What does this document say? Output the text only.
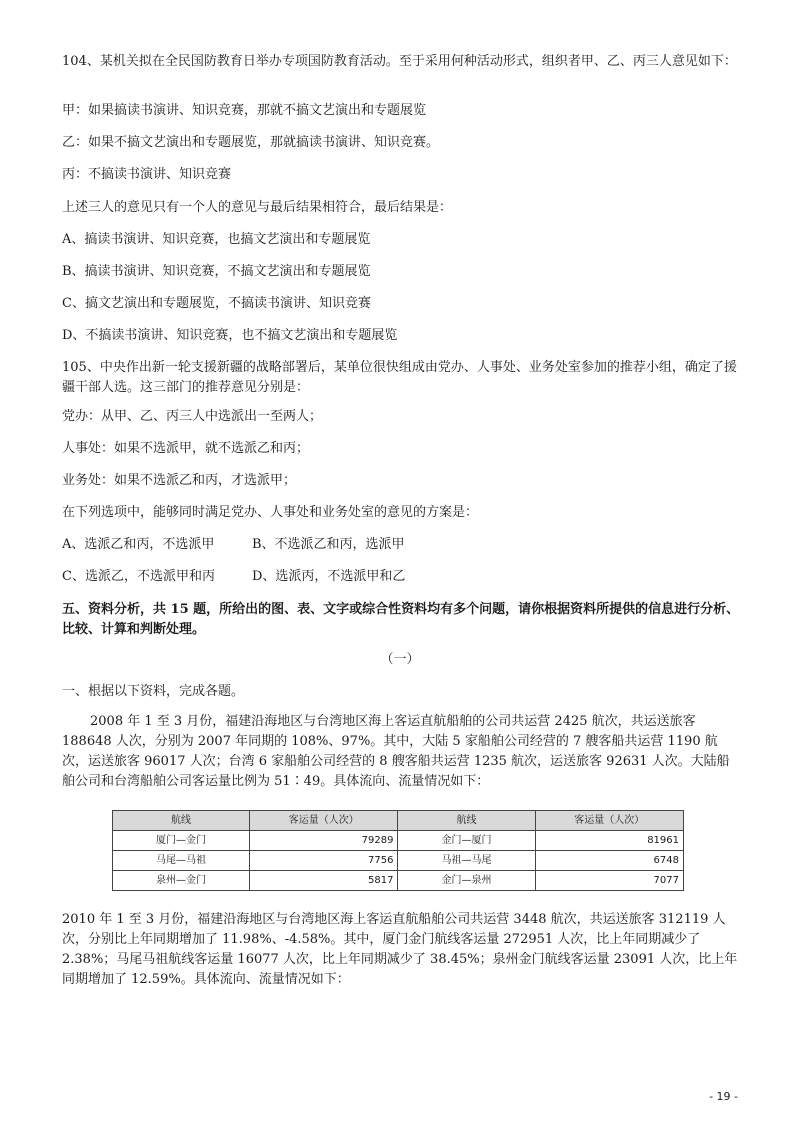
104、某机关拟在全民国防教育日举办专项国防教育活动。至于采用何种活动形式，组织者甲、乙、丙三人意见如下：

甲：如果搞读书演讲、知识竞赛，那就不搞文艺演出和专题展览

乙：如果不搞文艺演出和专题展览，那就搞读书演讲、知识竞赛。

丙：不搞读书演讲、知识竞赛

上述三人的意见只有一个人的意见与最后结果相符合，最后结果是：

A、搞读书演讲、知识竞赛，也搞文艺演出和专题展览

B、搞读书演讲、知识竞赛，不搞文艺演出和专题展览

C、搞文艺演出和专题展览，不搞读书演讲、知识竞赛

D、不搞读书演讲、知识竞赛，也不搞文艺演出和专题展览

105、中央作出新一轮支援新疆的战略部署后，某单位很快组成由党办、人事处、业务处室参加的推荐小组，确定了援疆干部人选。这三部门的推荐意见分别是：

党办：从甲、乙、丙三人中选派出一至两人；

人事处：如果不选派甲，就不选派乙和丙；

业务处：如果不选派乙和丙，才选派甲；

在下列选项中，能够同时满足党办、人事处和业务处室的意见的方案是：

A、选派乙和丙，不选派甲	B、不选派乙和丙，选派甲

C、选派乙，不选派甲和丙	D、选派丙，不选派甲和乙

五、资料分析，共 15 题，所给出的图、表、文字或综合性资料均有多个问题，请你根据资料所提供的信息进行分析、比较、计算和判断处理。

（一）

一、根据以下资料，完成各题。

2008 年 1 至 3 月份，福建沿海地区与台湾地区海上客运直航船舶的公司共运营 2425 航次，共运送旅客 188648 人次，分别为 2007 年同期的 108%、97%。其中，大陆 5 家船舶公司经营的 7 艘客船共运营 1190 航次，运送旅客 96017 人次；台湾 6 家船舶公司经营的 8 艘客船共运营 1235 航次，运送旅客 92631 人次。大陆船舶公司和台湾船舶公司客运量比例为 51∶49。具体流向、流量情况如下：

航线	客运量（人次）	航线	客运量（人次）
厦门—金门	79289	金门—厦门	81961
马尾—马祖	7756	马祖—马尾	6748
泉州—金门	5817	金门—泉州	7077

2010 年 1 至 3 月份，福建沿海地区与台湾地区海上客运直航船舶公司共运营 3448 航次，共运送旅客 312119 人次，分别比上年同期增加了 11.98%、-4.58%。其中，厦门金门航线客运量 272951 人次，比上年同期减少了 2.38%；马尾马祖航线客运量 16077 人次，比上年同期减少了 38.45%；泉州金门航线客运量 23091 人次，比上年同期增加了 12.59%。具体流向、流量情况如下：

- 19 -
